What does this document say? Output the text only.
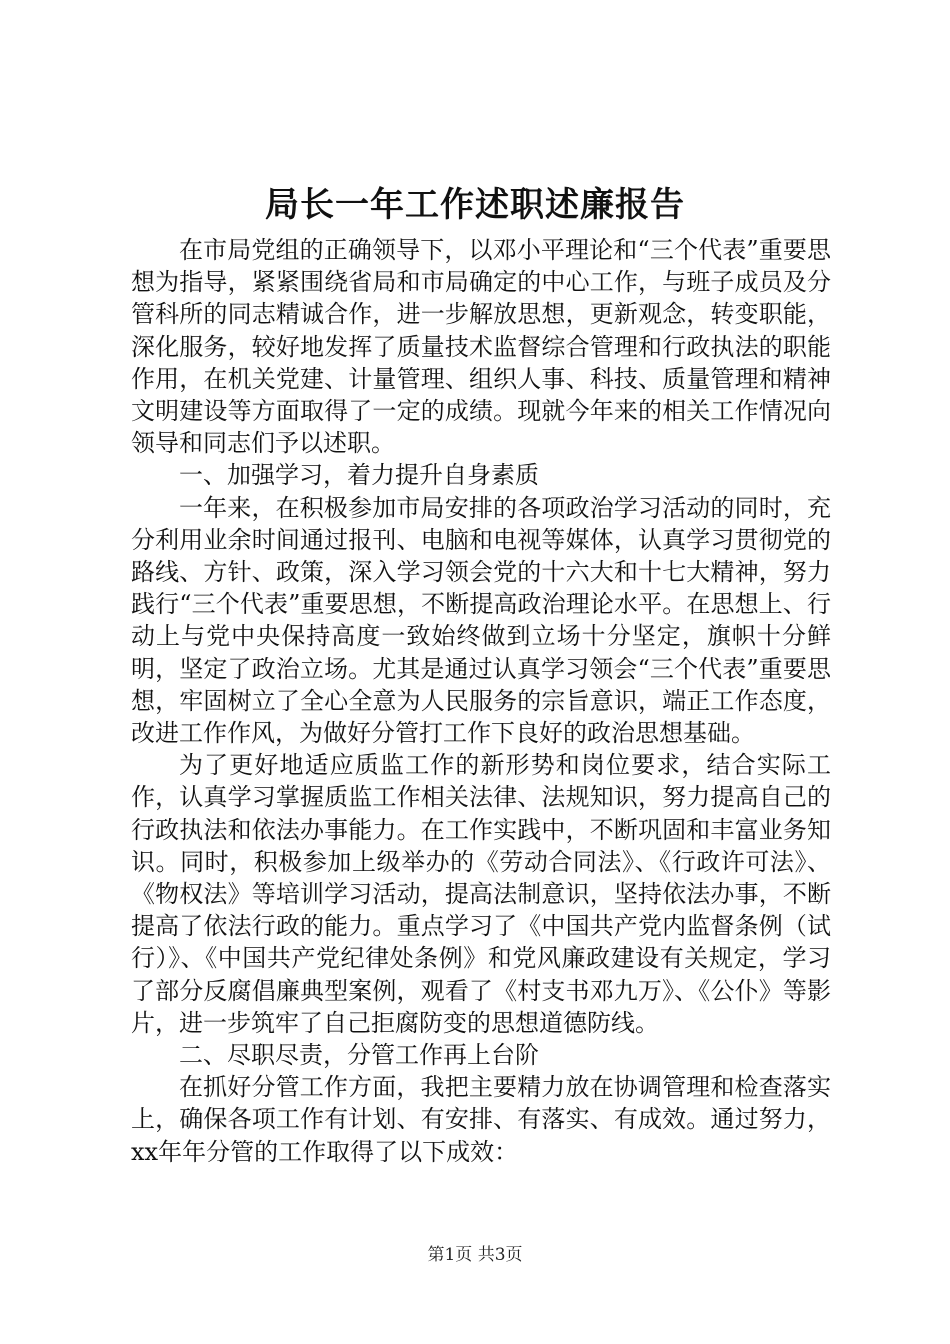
局长一年工作述职述廉报告

在市局党组的正确领导下，以邓小平理论和“三个代表”重要思想为指导，紧紧围绕省局和市局确定的中心工作，与班子成员及分管科所的同志精诚合作，进一步解放思想，更新观念，转变职能，深化服务，较好地发挥了质量技术监督综合管理和行政执法的职能作用，在机关党建、计量管理、组织人事、科技、质量管理和精神文明建设等方面取得了一定的成绩。现就今年来的相关工作情况向领导和同志们予以述职。

一、加强学习，着力提升自身素质

一年来，在积极参加市局安排的各项政治学习活动的同时，充分利用业余时间通过报刊、电脑和电视等媒体，认真学习贯彻党的路线、方针、政策，深入学习领会党的十六大和十七大精神，努力践行“三个代表”重要思想，不断提高政治理论水平。在思想上、行动上与党中央保持高度一致始终做到立场十分坚定，旗帜十分鲜明，坚定了政治立场。尤其是通过认真学习领会“三个代表”重要思想，牢固树立了全心全意为人民服务的宗旨意识，端正工作态度，改进工作作风，为做好分管打工作下良好的政治思想基础。

为了更好地适应质监工作的新形势和岗位要求，结合实际工作，认真学习掌握质监工作相关法律、法规知识，努力提高自己的行政执法和依法办事能力。在工作实践中，不断巩固和丰富业务知识。同时，积极参加上级举办的《劳动合同法》、《行政许可法》、《物权法》等培训学习活动，提高法制意识，坚持依法办事，不断提高了依法行政的能力。重点学习了《中国共产党内监督条例（试行）》、《中国共产党纪律处条例》和党风廉政建设有关规定，学习了部分反腐倡廉典型案例，观看了《村支书邓九万》、《公仆》等影片，进一步筑牢了自己拒腐防变的思想道德防线。

二、尽职尽责，分管工作再上台阶

在抓好分管工作方面，我把主要精力放在协调管理和检查落实上，确保各项工作有计划、有安排、有落实、有成效。通过努力，xx年年分管的工作取得了以下成效：

第1页 共3页
